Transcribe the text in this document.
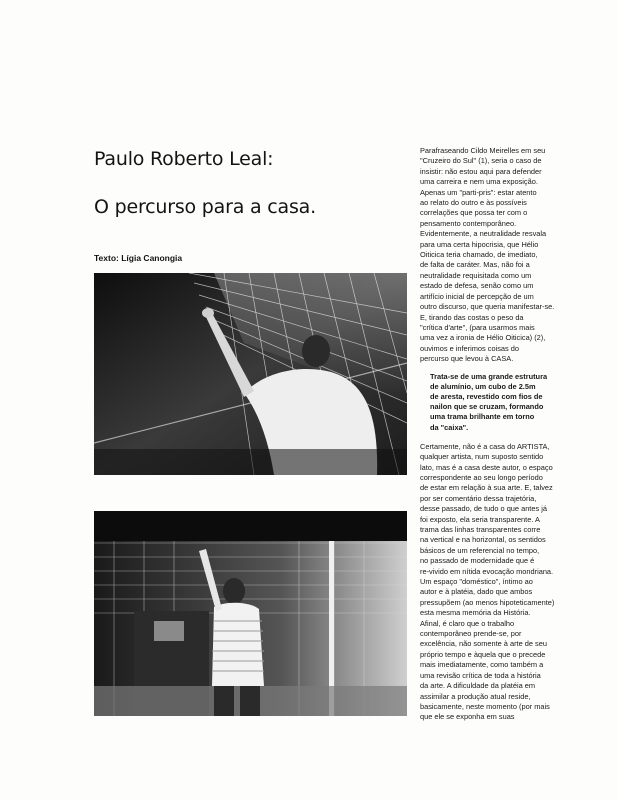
Paulo Roberto Leal:
O percurso para a casa.
Texto: Lígia Canongia
Parafraseando Cildo Meirelles em seu
"Cruzeiro do Sul" (1), seria o caso de
insistir: não estou aqui para defender
uma carreira e nem uma exposição.
Apenas um "parti-pris": estar atento
ao relato do outro e às possíveis
correlações que possa ter com o
pensamento contemporâneo.
Evidentemente, a neutralidade resvala
para uma certa hipocrisia, que Hélio
Oiticica teria chamado, de imediato,
de falta de caráter. Mas, não foi a
neutralidade requisitada como um
estado de defesa, senão como um
artifício inicial de percepção de um
outro discurso, que queria manifestar-se.
E, tirando das costas o peso da
"crítica d'arte", (para usarmos mais
uma vez a ironia de Hélio Oiticica) (2),
ouvimos e inferimos coisas do
percurso que levou à CASA.
Trata-se de uma grande estrutura
de alumínio, um cubo de 2.5m
de aresta, revestido com fios de
nailon que se cruzam, formando
uma trama brilhante em torno
da "caixa".
Certamente, não é a casa do ARTISTA,
qualquer artista, num suposto sentido
lato, mas é a casa deste autor, o espaço
correspondente ao seu longo período
de estar em relação à sua arte. E, talvez
por ser comentário dessa trajetória,
desse passado, de tudo o que antes já
foi exposto, ela seria transparente. A
trama das linhas transparentes corre
na vertical e na horizontal, os sentidos
básicos de um referencial no tempo,
no passado de modernidade que é
re-vivido em nítida evocação mondriana.
Um espaço "doméstico", íntimo ao
autor e à platéia, dado que ambos
pressupõem (ao menos hipoteticamente)
esta mesma memória da História.
Afinal, é claro que o trabalho
contemporâneo prende-se, por
excelência, não somente à arte de seu
próprio tempo e àquela que o precede
mais imediatamente, como também a
uma revisão crítica de toda a história
da arte. A dificuldade da platéia em
assimilar a produção atual reside,
basicamente, neste momento (por mais
que ele se exponha em suas
